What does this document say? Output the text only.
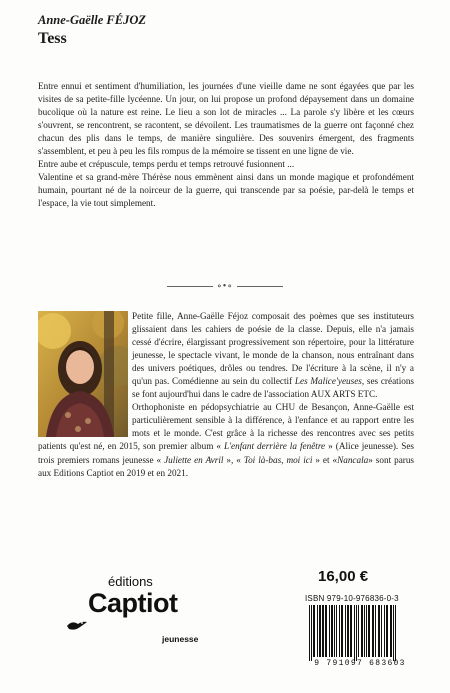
Anne-Gaëlle FÉJOZ
Tess

Entre ennui et sentiment d'humiliation, les journées d'une vieille dame ne sont égayées que par les visites de sa petite-fille lycéenne. Un jour, on lui propose un profond dépaysement dans un domaine bucolique où la nature est reine. Le lieu a son lot de miracles ... La parole s'y libère et les cœurs s'ouvrent, se rencontrent, se racontent, se dévoilent. Les traumatismes de la guerre ont façonné chez chacun des plis dans le temps, de manière singulière. Des souvenirs émergent, des fragments s'assemblent, et peu à peu les fils rompus de la mémoire se tissent en une ligne de vie.

Entre aube et crépuscule, temps perdu et temps retrouvé fusionnent ...

Valentine et sa grand-mère Thérèse nous emmènent ainsi dans un monde magique et profondément humain, pourtant né de la noirceur de la guerre, qui transcende par sa poésie, par-delà le temps et l'espace, la vie tout simplement.

∘•∘

Petite fille, Anne-Gaëlle Féjoz composait des poèmes que ses instituteurs glissaient dans les cahiers de poésie de la classe. Depuis, elle n'a jamais cessé d'écrire, élargissant progressivement son répertoire, pour la littérature jeunesse, le spectacle vivant, le monde de la chanson, nous entraînant dans des univers poétiques, drôles ou tendres. De l'écriture à la scène, il n'y a qu'un pas. Comédienne au sein du collectif Les Malice'yeuses, ses créations se font aujourd'hui dans le cadre de l'association AUX ARTS ETC.

Orthophoniste en pédopsychiatrie au CHU de Besançon, Anne-Gaëlle est particulièrement sensible à la différence, à l'enfance et au rapport entre les mots et le monde. C'est grâce à la richesse des rencontres avec ses petits patients qu'est né, en 2015, son premier album « L'enfant derrière la fenêtre » (Alice jeunesse). Ses trois premiers romans jeunesse « Juliette en Avril », « Toi là-bas, moi ici » et «Nancala» sont parus aux Editions Captiot en 2019 et en 2021.

éditions
Captiot
jeunesse
16,00 €
ISBN 979-10-976836-0-3
9 791097 683603
